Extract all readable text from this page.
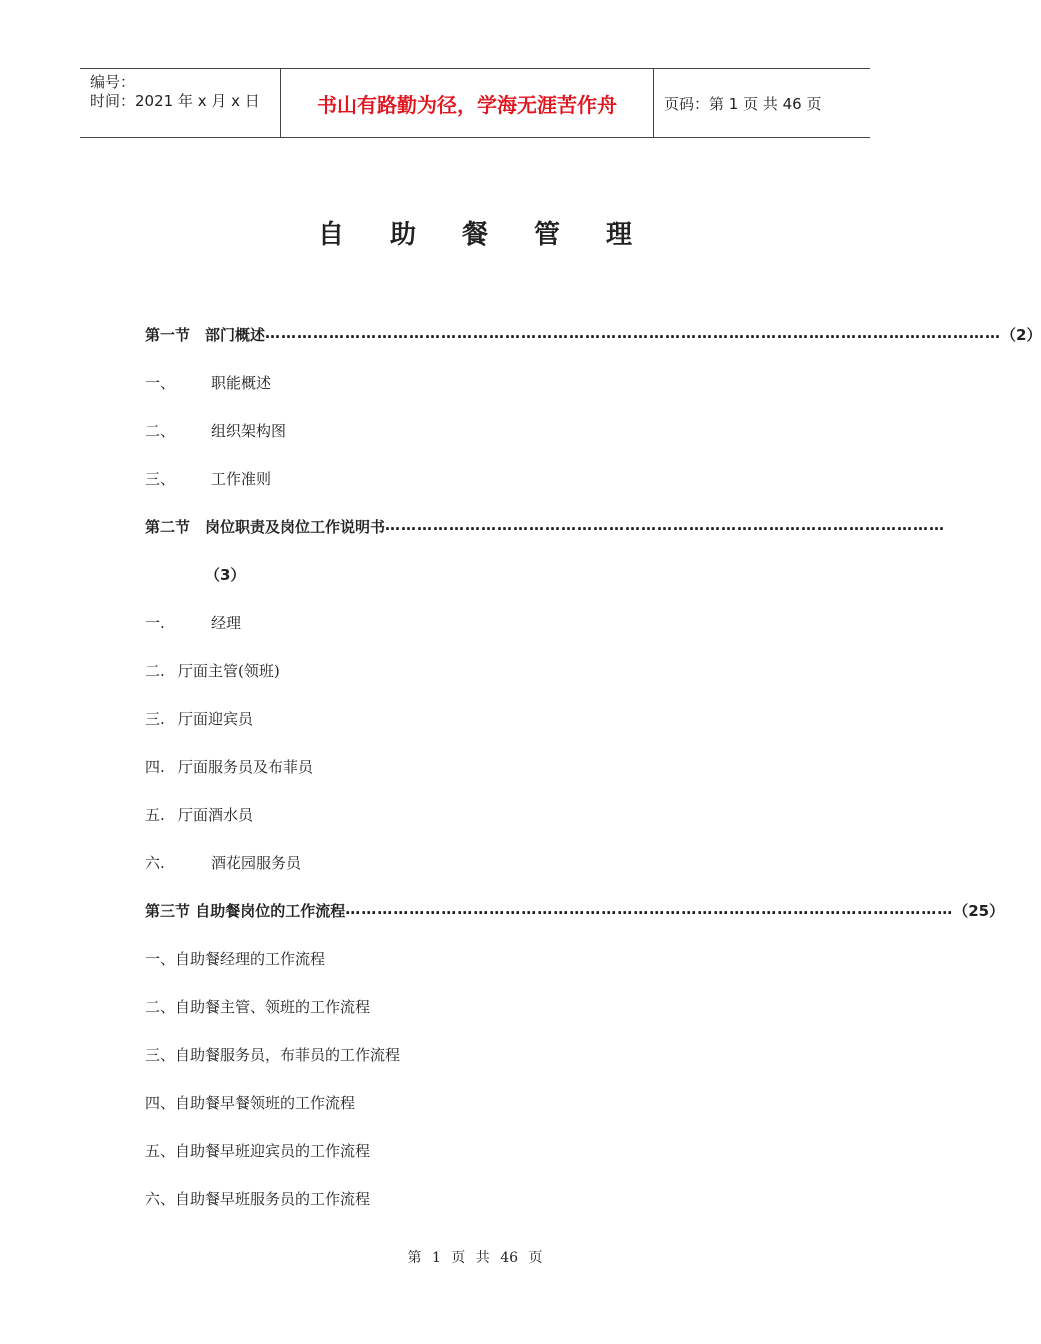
编号：
时间：2021 年 x 月 x 日	书山有路勤为径，学海无涯苦作舟	页码：第 1 页 共 46 页
自助餐管理
第一节　部门概述 ………………………………………………………………………………………………………………………… （2）
一、 职能概述
二、 组织架构图
三、 工作准则
第二节　岗位职责及岗位工作说明书 ……………………………………………………………………………………………
（3）
一.	经理
二. 厅面主管(领班)
三. 厅面迎宾员
四. 厅面服务员及布菲员
五. 厅面酒水员
六.	酒花园服务员
第三节 自助餐岗位的工作流程 …………………………………………………………………………………………………… （25）
一、自助餐经理的工作流程
二、自助餐主管、领班的工作流程
三、自助餐服务员，布菲员的工作流程
四、自助餐早餐领班的工作流程
五、自助餐早班迎宾员的工作流程
六、自助餐早班服务员的工作流程
第 1 页 共 46 页
